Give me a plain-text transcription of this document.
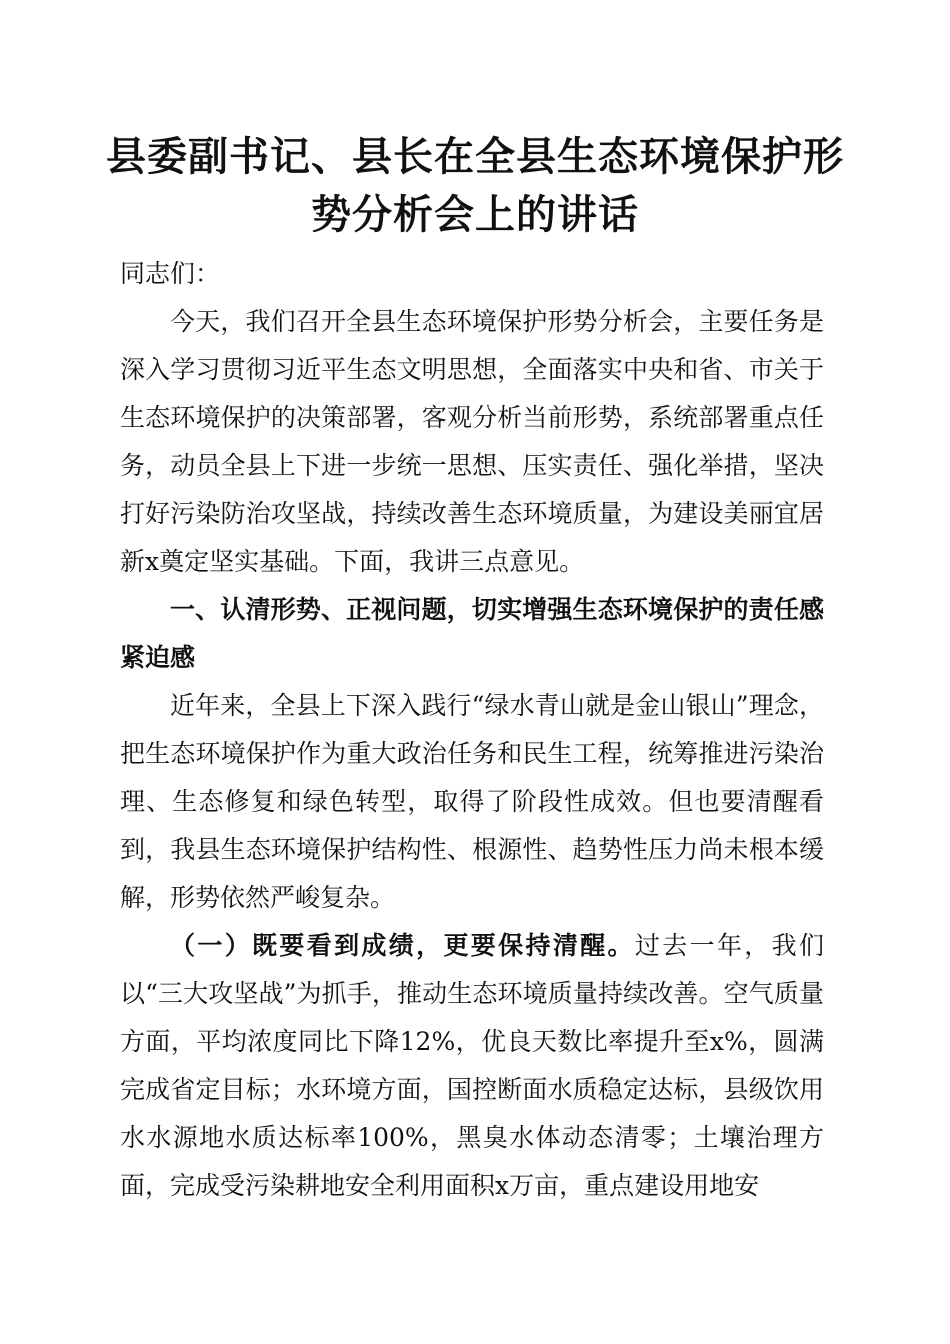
县委副书记、县长在全县生态环境保护形势分析会上的讲话

同志们：

今天，我们召开全县生态环境保护形势分析会，主要任务是深入学习贯彻习近平生态文明思想，全面落实中央和省、市关于生态环境保护的决策部署，客观分析当前形势，系统部署重点任务，动员全县上下进一步统一思想、压实责任、强化举措，坚决打好污染防治攻坚战，持续改善生态环境质量，为建设美丽宜居新x奠定坚实基础。下面，我讲三点意见。

一、认清形势、正视问题，切实增强生态环境保护的责任感紧迫感

近年来，全县上下深入践行“绿水青山就是金山银山”理念，把生态环境保护作为重大政治任务和民生工程，统筹推进污染治理、生态修复和绿色转型，取得了阶段性成效。但也要清醒看到，我县生态环境保护结构性、根源性、趋势性压力尚未根本缓解，形势依然严峻复杂。

（一）既要看到成绩，更要保持清醒。过去一年，我们以“三大攻坚战”为抓手，推动生态环境质量持续改善。空气质量方面，平均浓度同比下降12%，优良天数比率提升至x%，圆满完成省定目标；水环境方面，国控断面水质稳定达标，县级饮用水水源地水质达标率100%，黑臭水体动态清零；土壤治理方面，完成受污染耕地安全利用面积x万亩，重点建设用地安
